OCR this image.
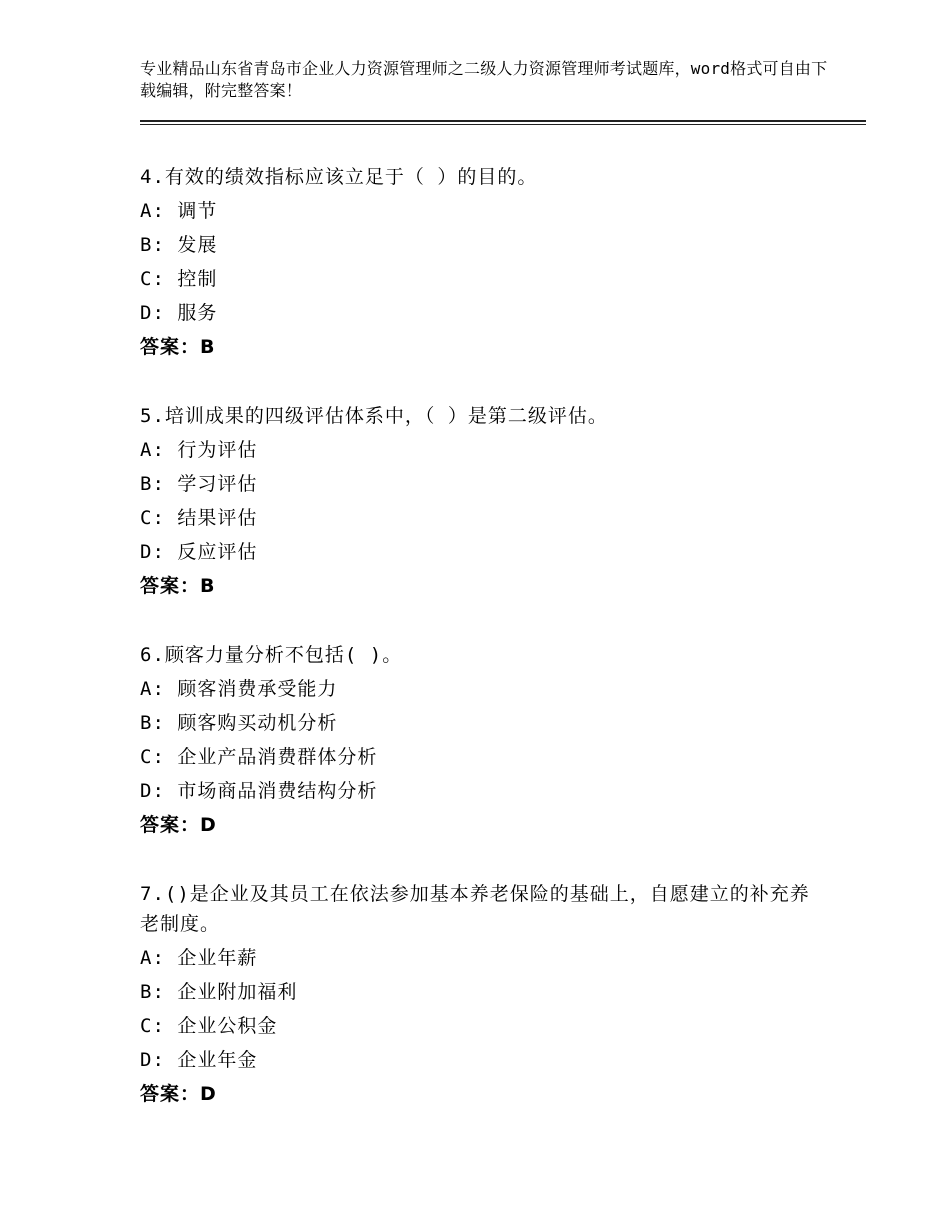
专业精品山东省青岛市企业人力资源管理师之二级人力资源管理师考试题库，word格式可自由下载编辑，附完整答案！
4.有效的绩效指标应该立足于（ ）的目的。
A: 调节
B: 发展
C: 控制
D: 服务
答案：B
5.培训成果的四级评估体系中，（ ）是第二级评估。
A: 行为评估
B: 学习评估
C: 结果评估
D: 反应评估
答案：B
6.顾客力量分析不包括( )。
A: 顾客消费承受能力
B: 顾客购买动机分析
C: 企业产品消费群体分析
D: 市场商品消费结构分析
答案：D
7.()是企业及其员工在依法参加基本养老保险的基础上，自愿建立的补充养老制度。
A: 企业年薪
B: 企业附加福利
C: 企业公积金
D: 企业年金
答案：D
